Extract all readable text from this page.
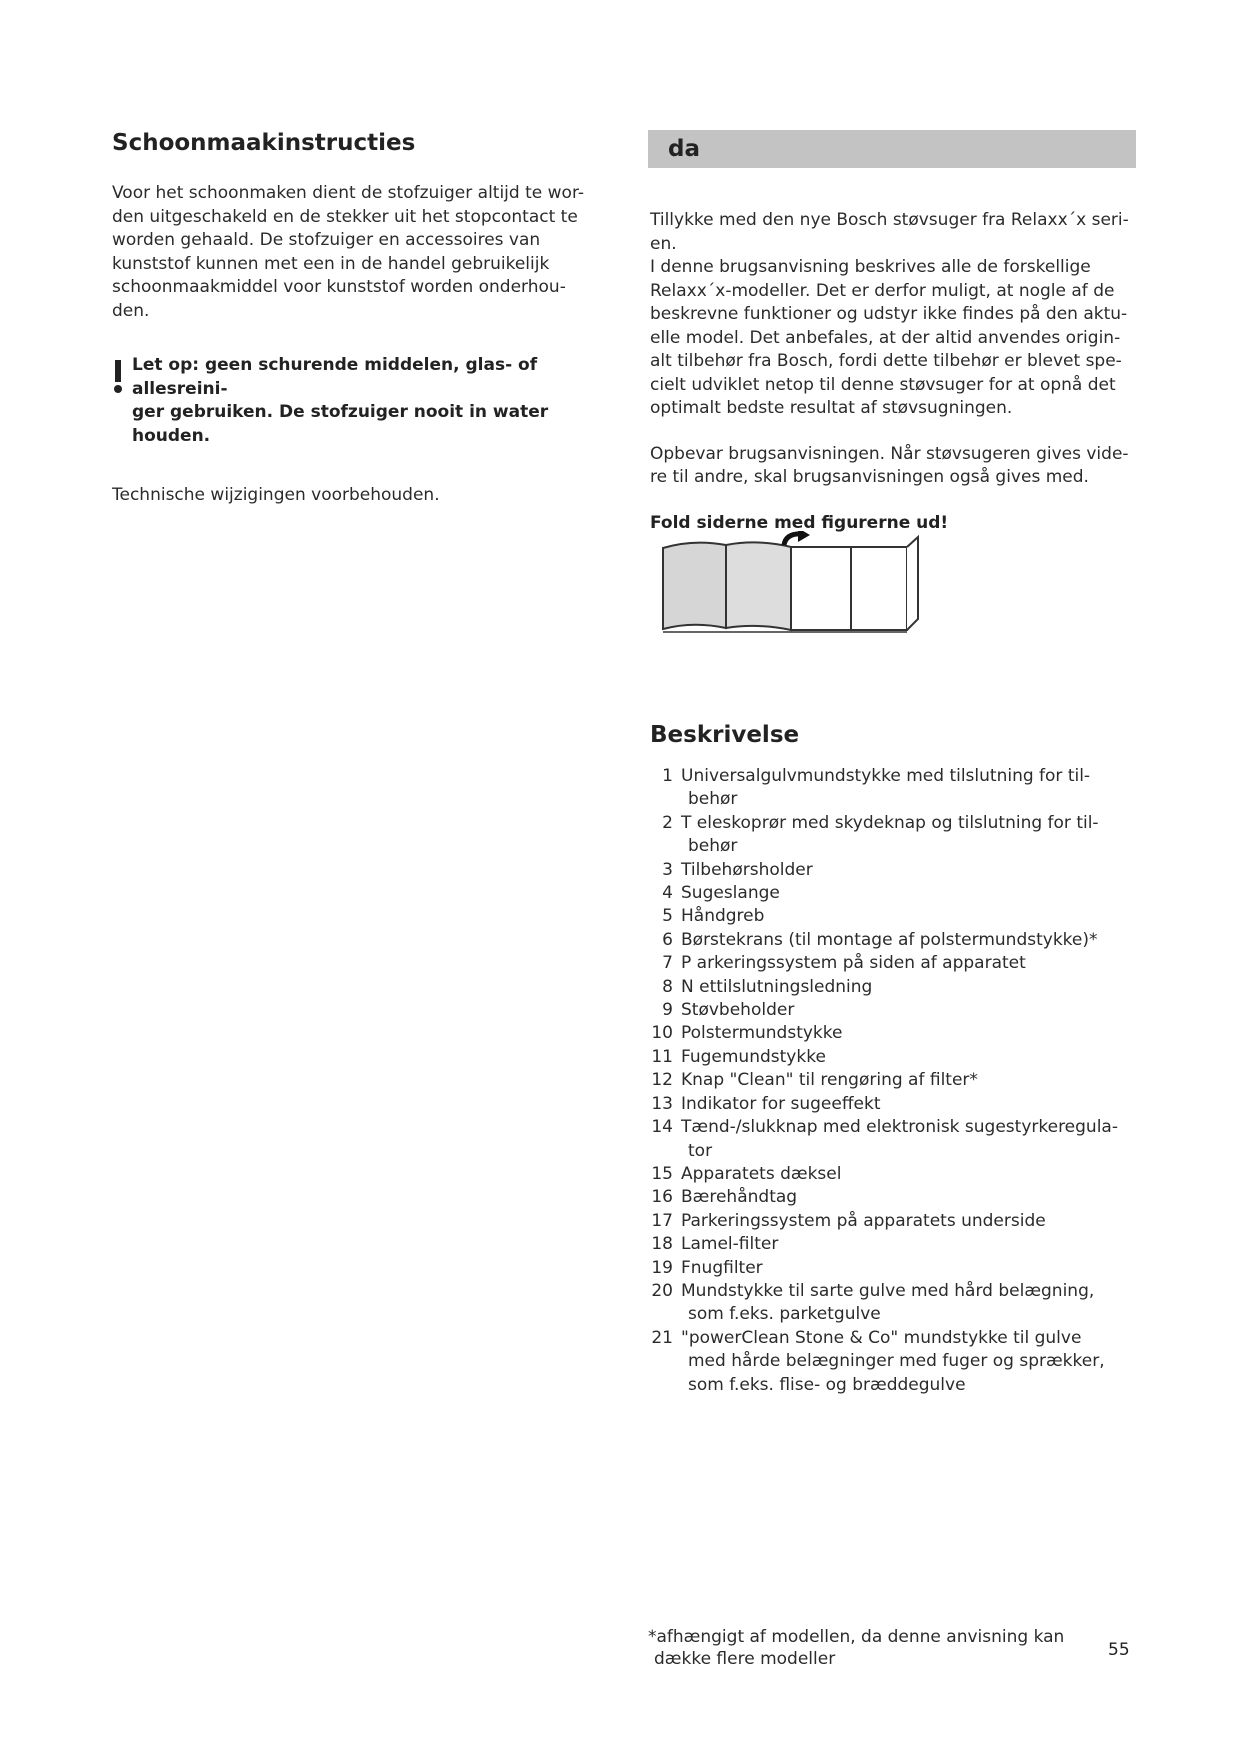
Schoonmaakinstructies

Voor het schoonmaken dient de stofzuiger altijd te wor-
den uitgeschakeld en de stekker uit het stopcontact te
worden gehaald. De stofzuiger en accessoires van
kunststof kunnen met een in de handel gebruikelijk
schoonmaakmiddel voor kunststof worden onderhou-
den.

Let op: geen schurende middelen, glas- of allesreini-
ger gebruiken. De stofzuiger nooit in water houden.

Technische wijzigingen voorbehouden.

da

Tillykke med den nye Bosch støvsuger fra Relaxx´x seri-
en.
I denne brugsanvisning beskrives alle de forskellige
Relaxx´x-modeller. Det er derfor muligt, at nogle af de
beskrevne funktioner og udstyr ikke findes på den aktu-
elle model. Det anbefales, at der altid anvendes origin-
alt tilbehør fra Bosch, fordi dette tilbehør er blevet spe-
cielt udviklet netop til denne støvsuger for at opnå det
optimalt bedste resultat af støvsugningen.

Opbevar brugsanvisningen. Når støvsugeren gives vide-
re til andre, skal brugsanvisningen også gives med.

Fold siderne med figurerne ud!

Beskrivelse
1 Universalgulvmundstykke med tilslutning for til-
behør
2 T eleskoprør med skydeknap og tilslutning for til-
behør
3 Tilbehørsholder
4 Sugeslange
5 Håndgreb
6 Børstekrans (til montage af polstermundstykke)*
7 P arkeringssystem på siden af apparatet
8 N ettilslutningsledning
9 Støvbeholder
10 Polstermundstykke
11 Fugemundstykke
12 Knap "Clean" til rengøring af filter*
13 Indikator for sugeeffekt
14 Tænd-/slukknap med elektronisk sugestyrkeregula-
tor
15 Apparatets dæksel
16 Bærehåndtag
17 Parkeringssystem på apparatets underside
18 Lamel-filter
19 Fnugfilter
20 Mundstykke til sarte gulve med hård belægning,
som f.eks. parketgulve
21 "powerClean Stone & Co" mundstykke til gulve
med hårde belægninger med fuger og sprækker,
som f.eks. flise- og bræddegulve
*afhængigt af modellen, da denne anvisning kan
dække flere modeller	55
